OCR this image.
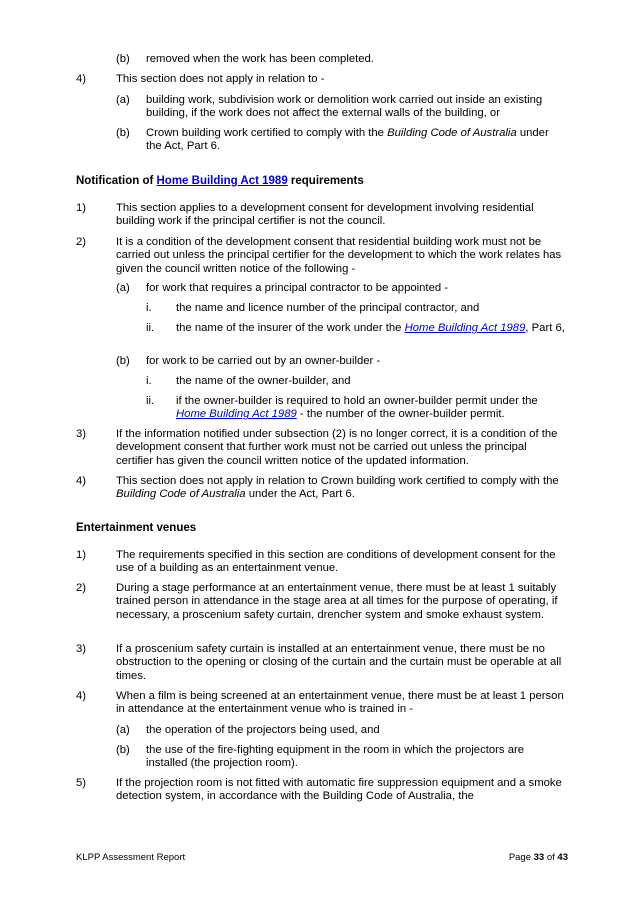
(b) removed when the work has been completed.
4)	This section does not apply in relation to -
(a) building work, subdivision work or demolition work carried out inside an existing building, if the work does not affect the external walls of the building, or
(b) Crown building work certified to comply with the Building Code of Australia under the Act, Part 6.
Notification of Home Building Act 1989 requirements
1)	This section applies to a development consent for development involving residential building work if the principal certifier is not the council.
2)	It is a condition of the development consent that residential building work must not be carried out unless the principal certifier for the development to which the work relates has given the council written notice of the following -
(a) for work that requires a principal contractor to be appointed -
i. the name and licence number of the principal contractor, and
ii. the name of the insurer of the work under the Home Building Act 1989, Part 6,
(b) for work to be carried out by an owner-builder -
i. the name of the owner-builder, and
ii. if the owner-builder is required to hold an owner-builder permit under the Home Building Act 1989 - the number of the owner-builder permit.
3)	If the information notified under subsection (2) is no longer correct, it is a condition of the development consent that further work must not be carried out unless the principal certifier has given the council written notice of the updated information.
4)	This section does not apply in relation to Crown building work certified to comply with the Building Code of Australia under the Act, Part 6.
Entertainment venues
1)	The requirements specified in this section are conditions of development consent for the use of a building as an entertainment venue.
2)	During a stage performance at an entertainment venue, there must be at least 1 suitably trained person in attendance in the stage area at all times for the purpose of operating, if necessary, a proscenium safety curtain, drencher system and smoke exhaust system.
3)	If a proscenium safety curtain is installed at an entertainment venue, there must be no obstruction to the opening or closing of the curtain and the curtain must be operable at all times.
4)	When a film is being screened at an entertainment venue, there must be at least 1 person in attendance at the entertainment venue who is trained in -
(a) the operation of the projectors being used, and
(b) the use of the fire-fighting equipment in the room in which the projectors are installed (the projection room).
5)	If the projection room is not fitted with automatic fire suppression equipment and a smoke detection system, in accordance with the Building Code of Australia, the
KLPP Assessment Report	Page 33 of 43
